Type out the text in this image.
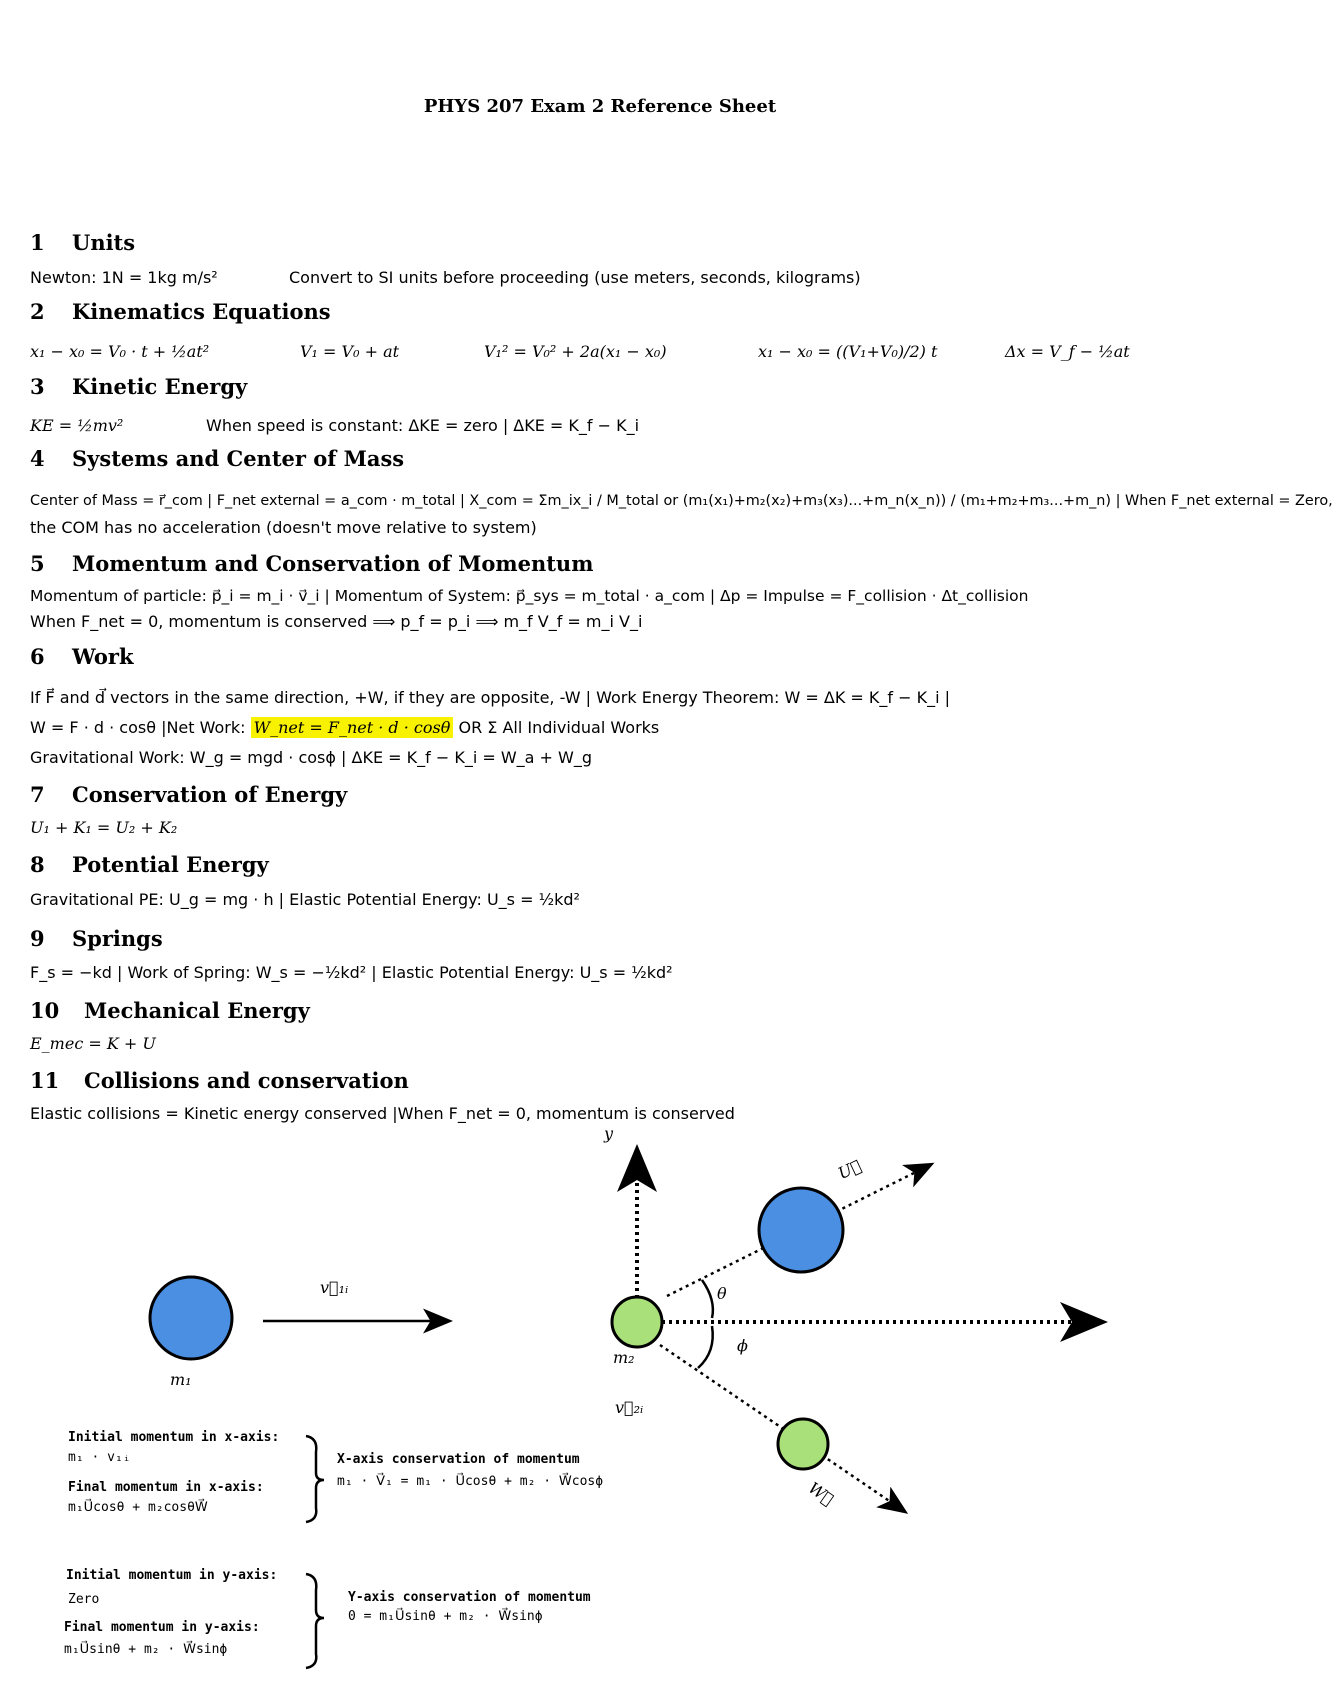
PHYS 207 Exam 2 Reference Sheet
1 Units
2 Kinematics Equations
3 Kinetic Energy
4 Systems and Center of Mass
5 Momentum and Conservation of Momentum
6 Work
7 Conservation of Energy
8 Potential Energy
9 Springs
10 Mechanical Energy
11 Collisions and conservation
Newton: 1N = 1kg m/s²	Convert to SI units before proceeding (use meters, seconds, kilograms)
x₁ − x₀ = V₀ · t + ½at²	V₁ = V₀ + at	V₁² = V₀² + 2a(x₁ − x₀)	x₁ − x₀ = ((V₁+V₀)/2) t	Δx = V_f − ½at
KE = ½mv²	When speed is constant: ΔKE = zero | ΔKE = K_f − K_i
Center of Mass = r⃗_com | F_net external = a_com · m_total | X_com = Σm_ix_i / M_total or (m₁(x₁)+m₂(x₂)+m₃(x₃)...+m_n(x_n)) / (m₁+m₂+m₃...+m_n) | When F_net external = Zero,
the COM has no acceleration (doesn't move relative to system)
Momentum of particle: p⃗_i = m_i · v⃗_i | Momentum of System: p⃗_sys = m_total · a_com | Δp = Impulse = F_collision · Δt_collision
When F_net = 0, momentum is conserved ⟹ p_f = p_i ⟹ m_f V_f = m_i V_i
If F⃗ and d⃗ vectors in the same direction, +W, if they are opposite, -W | Work Energy Theorem: W = ΔK = K_f − K_i |
W = F · d · cosθ |Net Work: W_net = F_net · d · cosθ OR Σ All Individual Works
Gravitational Work: W_g = mgd · cosϕ | ΔKE = K_f − K_i = W_a + W_g
U₁ + K₁ = U₂ + K₂
Gravitational PE: U_g = mg · h | Elastic Potential Energy: U_s = ½kd²
F_s = −kd | Work of Spring: W_s = −½kd² | Elastic Potential Energy: U_s = ½kd²
E_mec = K + U
Elastic collisions = Kinetic energy conserved |When F_net = 0, momentum is conserved
m₁
m₂
v⃗₁ᵢ
v⃗₂ᵢ
y
U⃗
W⃗
θ
ϕ
Initial momentum in x-axis:
m₁ · v₁ᵢ
Final momentum in x-axis:
m₁U⃗cosθ + m₂cosθW⃗
X-axis conservation of momentum
m₁ · V⃗₁ = m₁ · U⃗cosθ + m₂ · W⃗cosϕ
Initial momentum in y-axis:
Zero
Final momentum in y-axis:
m₁U⃗sinθ + m₂ · W⃗sinϕ
Y-axis conservation of momentum
0 = m₁U⃗sinθ + m₂ · W⃗sinϕ
